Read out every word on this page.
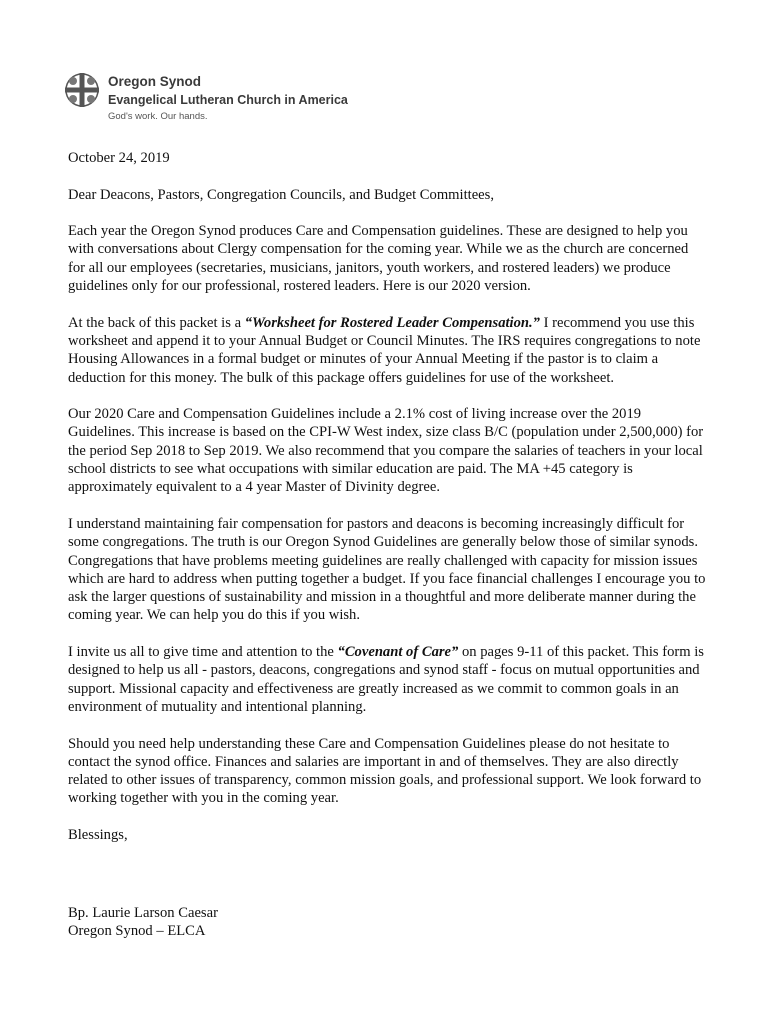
Oregon Synod
Evangelical Lutheran Church in America
God's work. Our hands.

October 24, 2019

Dear Deacons, Pastors, Congregation Councils, and Budget Committees,

Each year the Oregon Synod produces Care and Compensation guidelines. These are designed to help you with conversations about Clergy compensation for the coming year. While we as the church are concerned for all our employees (secretaries, musicians, janitors, youth workers, and rostered leaders) we produce guidelines only for our professional, rostered leaders. Here is our 2020 version.

At the back of this packet is a “Worksheet for Rostered Leader Compensation.” I recommend you use this worksheet and append it to your Annual Budget or Council Minutes. The IRS requires congregations to note Housing Allowances in a formal budget or minutes of your Annual Meeting if the pastor is to claim a deduction for this money. The bulk of this package offers guidelines for use of the worksheet.

Our 2020 Care and Compensation Guidelines include a 2.1% cost of living increase over the 2019 Guidelines. This increase is based on the CPI-W West index, size class B/C (population under 2,500,000) for the period Sep 2018 to Sep 2019. We also recommend that you compare the salaries of teachers in your local school districts to see what occupations with similar education are paid. The MA +45 category is approximately equivalent to a 4 year Master of Divinity degree.

I understand maintaining fair compensation for pastors and deacons is becoming increasingly difficult for some congregations. The truth is our Oregon Synod Guidelines are generally below those of similar synods. Congregations that have problems meeting guidelines are really challenged with capacity for mission issues which are hard to address when putting together a budget. If you face financial challenges I encourage you to ask the larger questions of sustainability and mission in a thoughtful and more deliberate manner during the coming year. We can help you do this if you wish.

I invite us all to give time and attention to the “Covenant of Care” on pages 9-11 of this packet. This form is designed to help us all - pastors, deacons, congregations and synod staff - focus on mutual opportunities and support. Missional capacity and effectiveness are greatly increased as we commit to common goals in an environment of mutuality and intentional planning.

Should you need help understanding these Care and Compensation Guidelines please do not hesitate to contact the synod office. Finances and salaries are important in and of themselves. They are also directly related to other issues of transparency, common mission goals, and professional support. We look forward to working together with you in the coming year.

Blessings,

Bp. Laurie Larson Caesar
Oregon Synod – ELCA
